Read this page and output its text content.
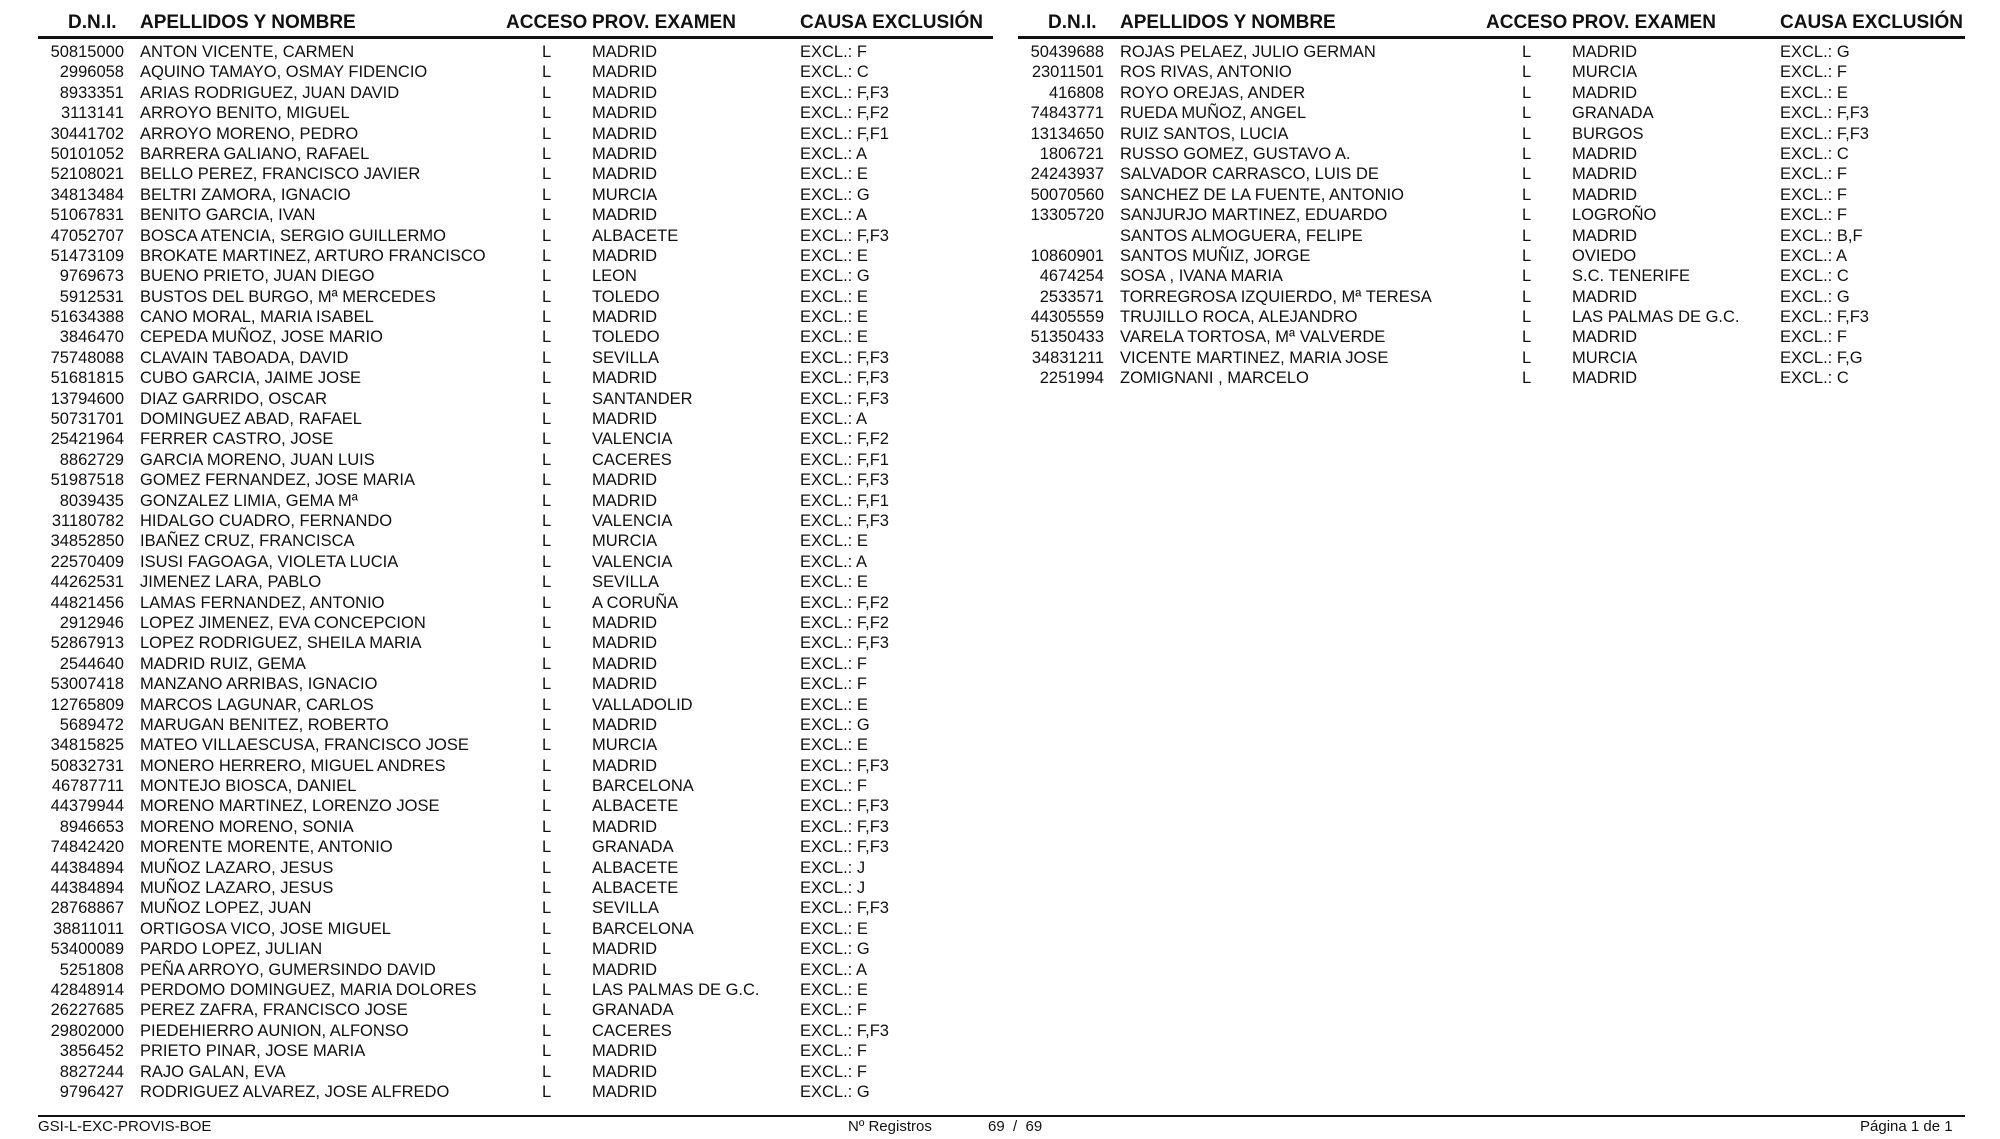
D.N.I. APELLIDOS Y NOMBRE	ACCESO PROV. EXAMEN	CAUSA EXCLUSIÓN
50815000 ANTON VICENTE, CARMEN	L MADRID	EXCL.: F
2996058 AQUINO TAMAYO, OSMAY FIDENCIO	L MADRID	EXCL.: C
8933351 ARIAS RODRIGUEZ, JUAN DAVID	L MADRID	EXCL.: F,F3
3113141 ARROYO BENITO, MIGUEL	L MADRID	EXCL.: F,F2
30441702 ARROYO MORENO, PEDRO	L MADRID	EXCL.: F,F1
50101052 BARRERA GALIANO, RAFAEL	L MADRID	EXCL.: A
52108021 BELLO PEREZ, FRANCISCO JAVIER	L MADRID	EXCL.: E
34813484 BELTRI ZAMORA, IGNACIO	L MURCIA	EXCL.: G
51067831 BENITO GARCIA, IVAN	L MADRID	EXCL.: A
47052707 BOSCA ATENCIA, SERGIO GUILLERMO	L ALBACETE	EXCL.: F,F3
51473109 BROKATE MARTINEZ, ARTURO FRANCISCO	L MADRID	EXCL.: E
9769673 BUENO PRIETO, JUAN DIEGO	L LEON	EXCL.: G
5912531 BUSTOS DEL BURGO, Mª MERCEDES	L TOLEDO	EXCL.: E
51634388 CANO MORAL, MARIA ISABEL	L MADRID	EXCL.: E
3846470 CEPEDA MUÑOZ, JOSE MARIO	L TOLEDO	EXCL.: E
75748088 CLAVAIN TABOADA, DAVID	L SEVILLA	EXCL.: F,F3
51681815 CUBO GARCIA, JAIME JOSE	L MADRID	EXCL.: F,F3
13794600 DIAZ GARRIDO, OSCAR	L SANTANDER	EXCL.: F,F3
50731701 DOMINGUEZ ABAD, RAFAEL	L MADRID	EXCL.: A
25421964 FERRER CASTRO, JOSE	L VALENCIA	EXCL.: F,F2
8862729 GARCIA MORENO, JUAN LUIS	L CACERES	EXCL.: F,F1
51987518 GOMEZ FERNANDEZ, JOSE MARIA	L MADRID	EXCL.: F,F3
8039435 GONZALEZ LIMIA, GEMA Mª	L MADRID	EXCL.: F,F1
31180782 HIDALGO CUADRO, FERNANDO	L VALENCIA	EXCL.: F,F3
34852850 IBAÑEZ CRUZ, FRANCISCA	L MURCIA	EXCL.: E
22570409 ISUSI FAGOAGA, VIOLETA LUCIA	L VALENCIA	EXCL.: A
44262531 JIMENEZ LARA, PABLO	L SEVILLA	EXCL.: E
44821456 LAMAS FERNANDEZ, ANTONIO	L A CORUÑA	EXCL.: F,F2
2912946 LOPEZ JIMENEZ, EVA CONCEPCION	L MADRID	EXCL.: F,F2
52867913 LOPEZ RODRIGUEZ, SHEILA MARIA	L MADRID	EXCL.: F,F3
2544640 MADRID RUIZ, GEMA	L MADRID	EXCL.: F
53007418 MANZANO ARRIBAS, IGNACIO	L MADRID	EXCL.: F
12765809 MARCOS LAGUNAR, CARLOS	L VALLADOLID	EXCL.: E
5689472 MARUGAN BENITEZ, ROBERTO	L MADRID	EXCL.: G
34815825 MATEO VILLAESCUSA, FRANCISCO JOSE	L MURCIA	EXCL.: E
50832731 MONERO HERRERO, MIGUEL ANDRES	L MADRID	EXCL.: F,F3
46787711 MONTEJO BIOSCA, DANIEL	L BARCELONA	EXCL.: F
44379944 MORENO MARTINEZ, LORENZO JOSE	L ALBACETE	EXCL.: F,F3
8946653 MORENO MORENO, SONIA	L MADRID	EXCL.: F,F3
74842420 MORENTE MORENTE, ANTONIO	L GRANADA	EXCL.: F,F3
44384894 MUÑOZ LAZARO, JESUS	L ALBACETE	EXCL.: J
44384894 MUÑOZ LAZARO, JESUS	L ALBACETE	EXCL.: J
28768867 MUÑOZ LOPEZ, JUAN	L SEVILLA	EXCL.: F,F3
38811011 ORTIGOSA VICO, JOSE MIGUEL	L BARCELONA	EXCL.: E
53400089 PARDO LOPEZ, JULIAN	L MADRID	EXCL.: G
5251808 PEÑA ARROYO, GUMERSINDO DAVID	L MADRID	EXCL.: A
42848914 PERDOMO DOMINGUEZ, MARIA DOLORES	L LAS PALMAS DE G.C. EXCL.: E
26227685 PEREZ ZAFRA, FRANCISCO JOSE	L GRANADA	EXCL.: F
29802000 PIEDEHIERRO AUNION, ALFONSO	L CACERES	EXCL.: F,F3
3856452 PRIETO PINAR, JOSE MARIA	L MADRID	EXCL.: F
8827244 RAJO GALAN, EVA	L MADRID	EXCL.: F
9796427 RODRIGUEZ ALVAREZ, JOSE ALFREDO	L MADRID	EXCL.: G
D.N.I. APELLIDOS Y NOMBRE	ACCESO PROV. EXAMEN	CAUSA EXCLUSIÓN
50439688 ROJAS PELAEZ, JULIO GERMAN	L MADRID	EXCL.: G
23011501 ROS RIVAS, ANTONIO	L MURCIA	EXCL.: F
416808 ROYO OREJAS, ANDER	L MADRID	EXCL.: E
74843771 RUEDA MUÑOZ, ANGEL	L GRANADA	EXCL.: F,F3
13134650 RUIZ SANTOS, LUCIA	L BURGOS	EXCL.: F,F3
1806721 RUSSO GOMEZ, GUSTAVO A.	L MADRID	EXCL.: C
24243937 SALVADOR CARRASCO, LUIS DE	L MADRID	EXCL.: F
50070560 SANCHEZ DE LA FUENTE, ANTONIO	L MADRID	EXCL.: F
13305720 SANJURJO MARTINEZ, EDUARDO	L LOGROÑO	EXCL.: F
SANTOS ALMOGUERA, FELIPE	L MADRID	EXCL.: B,F
10860901 SANTOS MUÑIZ, JORGE	L OVIEDO	EXCL.: A
4674254 SOSA , IVANA MARIA	L S.C. TENERIFE	EXCL.: C
2533571 TORREGROSA IZQUIERDO, Mª TERESA	L MADRID	EXCL.: G
44305559 TRUJILLO ROCA, ALEJANDRO	L LAS PALMAS DE G.C. EXCL.: F,F3
51350433 VARELA TORTOSA, Mª VALVERDE	L MADRID	EXCL.: F
34831211 VICENTE MARTINEZ, MARIA JOSE	L MURCIA	EXCL.: F,G
2251994 ZOMIGNANI , MARCELO	L MADRID	EXCL.: C
GSI-L-EXC-PROVIS-BOE	Nº Registros	69  /  69	Página 1 de 1
